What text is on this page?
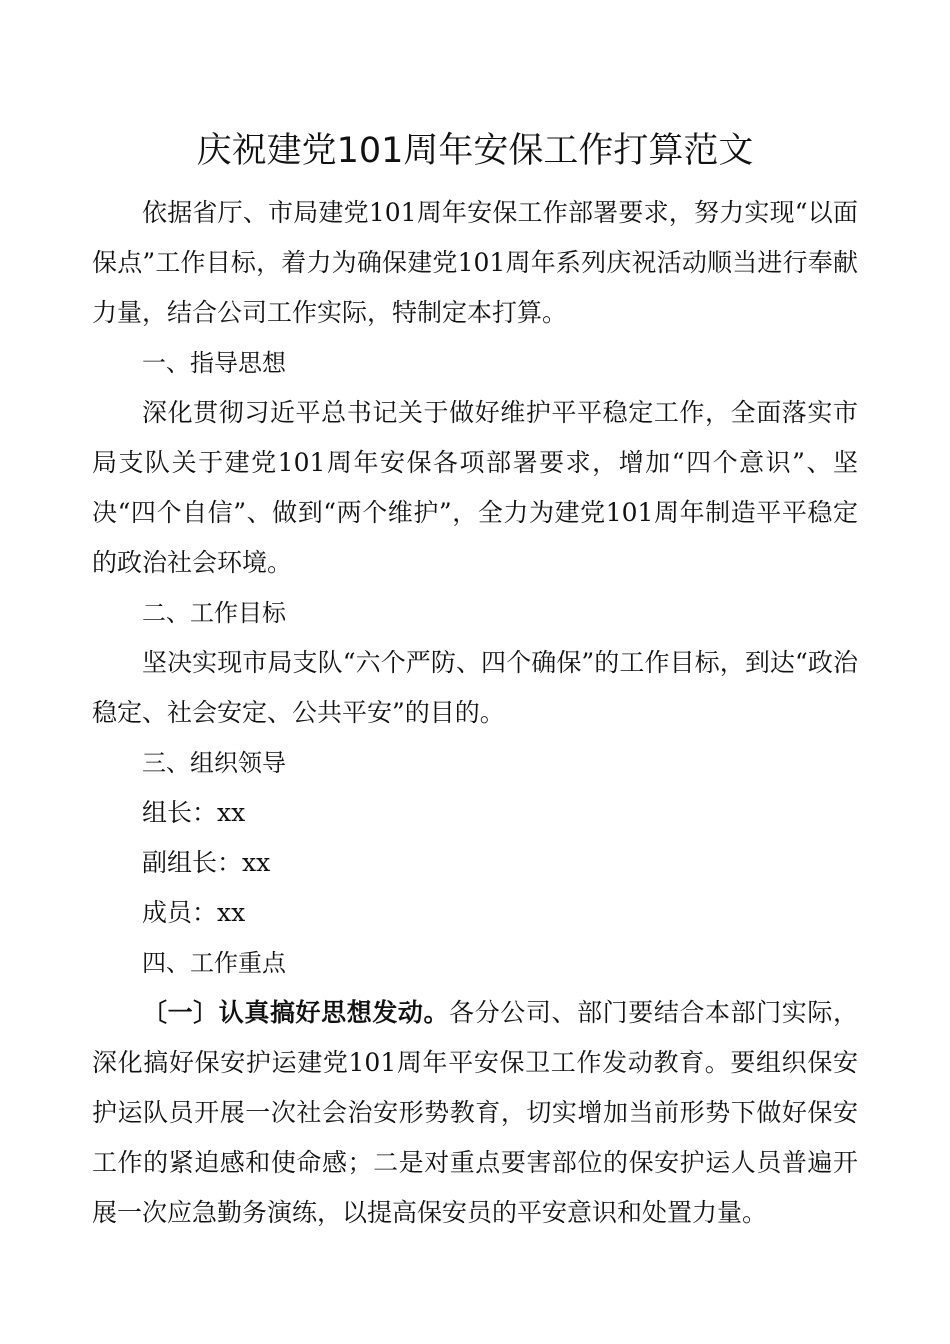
庆祝建党101周年安保工作打算范文

依据省厅、市局建党101周年安保工作部署要求，努力实现“以面保点”工作目标，着力为确保建党101周年系列庆祝活动顺当进行奉献力量，结合公司工作实际，特制定本打算。

一、指导思想

深化贯彻习近平总书记关于做好维护平平稳定工作，全面落实市局支队关于建党101周年安保各项部署要求，增加“四个意识”、坚决“四个自信”、做到“两个维护”，全力为建党101周年制造平平稳定的政治社会环境。

二、工作目标

坚决实现市局支队“六个严防、四个确保”的工作目标，到达“政治稳定、社会安定、公共平安”的目的。

三、组织领导

组长：xx

副组长：xx

成员：xx

四、工作重点

〔一〕认真搞好思想发动。各分公司、部门要结合本部门实际，深化搞好保安护运建党101周年平安保卫工作发动教育。要组织保安护运队员开展一次社会治安形势教育，切实增加当前形势下做好保安工作的紧迫感和使命感；二是对重点要害部位的保安护运人员普遍开展一次应急勤务演练，以提高保安员的平安意识和处置力量。
